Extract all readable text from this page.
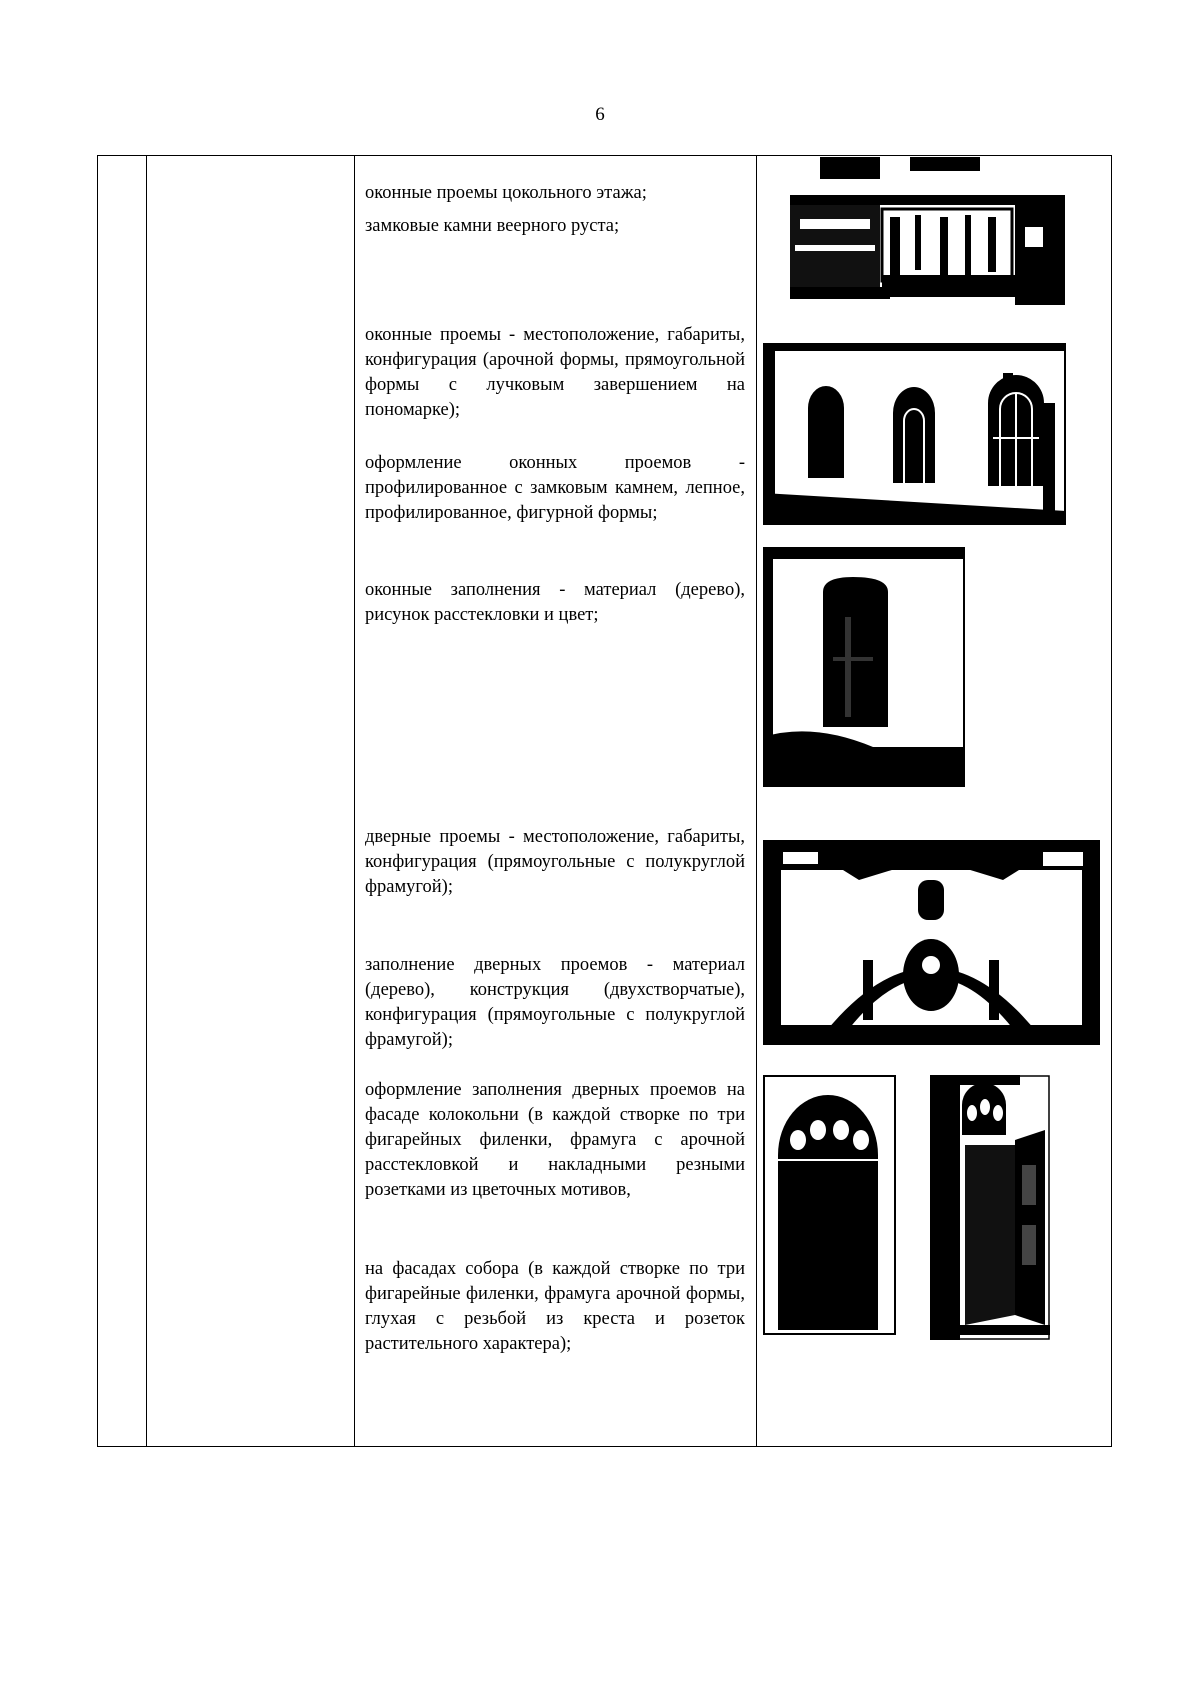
6

оконные проемы цокольного этажа;

замковые камни веерного руста;

оконные проемы - местоположение, габариты, конфигурация (арочной формы, прямоугольной формы с лучковым завершением на пономарке);

оформление оконных проемов - профилированное с замковым камнем, лепное, профилированное, фигурной формы;

оконные заполнения - материал (дерево), рисунок расстекловки и цвет;

дверные проемы - местоположение, габариты, конфигурация (прямоугольные с полукруглой фрамугой);

заполнение дверных проемов - материал (дерево), конструкция (двухстворчатые), конфигурация (прямоугольные с полукруглой фрамугой);

оформление заполнения дверных проемов на фасаде колокольни (в каждой створке по три фигарейных филенки, фрамуга с арочной расстекловкой и накладными резными розетками из цветочных мотивов,

на фасадах собора (в каждой створке по три фигарейные филенки, фрамуга арочной формы, глухая с резьбой из креста и розеток растительного характера);
